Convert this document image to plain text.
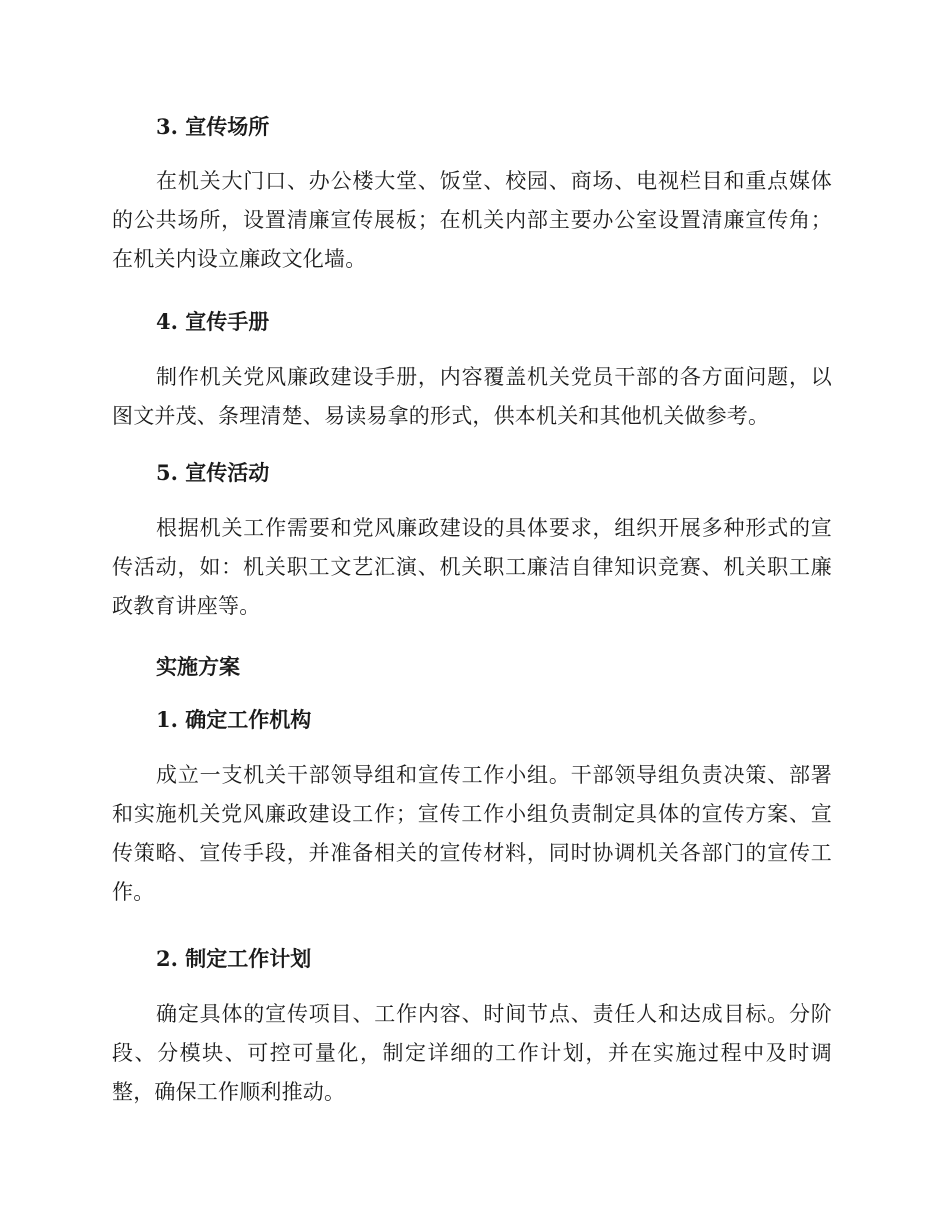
3. 宣传场所
在机关大门口、办公楼大堂、饭堂、校园、商场、电视栏目和重点媒体的公共场所，设置清廉宣传展板；在机关内部主要办公室设置清廉宣传角；在机关内设立廉政文化墙。
4. 宣传手册
制作机关党风廉政建设手册，内容覆盖机关党员干部的各方面问题，以图文并茂、条理清楚、易读易拿的形式，供本机关和其他机关做参考。
5. 宣传活动
根据机关工作需要和党风廉政建设的具体要求，组织开展多种形式的宣传活动，如：机关职工文艺汇演、机关职工廉洁自律知识竞赛、机关职工廉政教育讲座等。
实施方案
1. 确定工作机构
成立一支机关干部领导组和宣传工作小组。干部领导组负责决策、部署和实施机关党风廉政建设工作；宣传工作小组负责制定具体的宣传方案、宣传策略、宣传手段，并准备相关的宣传材料，同时协调机关各部门的宣传工作。
2. 制定工作计划
确定具体的宣传项目、工作内容、时间节点、责任人和达成目标。分阶段、分模块、可控可量化，制定详细的工作计划，并在实施过程中及时调整，确保工作顺利推动。
